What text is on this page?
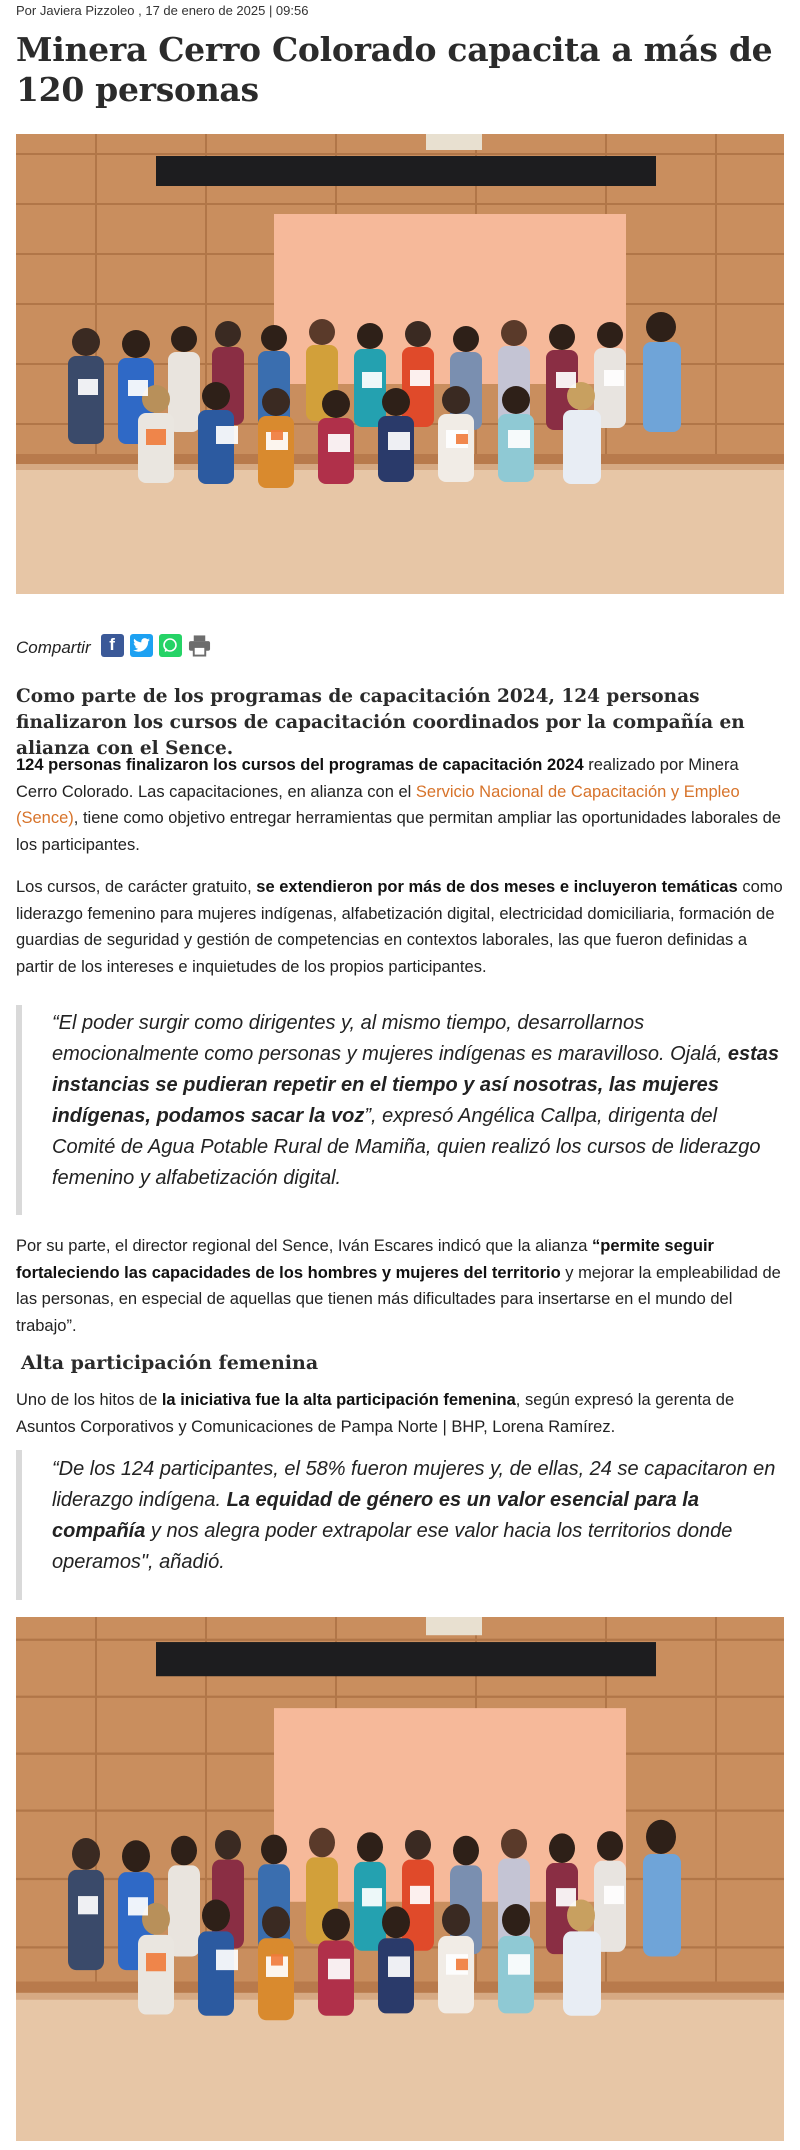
Por Javiera Pizzoleo , 17 de enero de 2025 | 09:56
Minera Cerro Colorado capacita a más de 120 personas
Compartir	f

Como parte de los programas de capacitación 2024, 124 personas finalizaron los cursos de capacitación coordinados por la compañía en alianza con el Sence.

124 personas finalizaron los cursos del programas de capacitación 2024 realizado por Minera Cerro Colorado. Las capacitaciones, en alianza con el Servicio Nacional de Capacitación y Empleo (Sence), tiene como objetivo entregar herramientas que permitan ampliar las oportunidades laborales de los participantes.

Los cursos, de carácter gratuito, se extendieron por más de dos meses e incluyeron temáticas como liderazgo femenino para mujeres indígenas, alfabetización digital, electricidad domiciliaria, formación de guardias de seguridad y gestión de competencias en contextos laborales, las que fueron definidas a partir de los intereses e inquietudes de los propios participantes.

“El poder surgir como dirigentes y, al mismo tiempo, desarrollarnos emocionalmente como personas y mujeres indígenas es maravilloso. Ojalá, estas instancias se pudieran repetir en el tiempo y así nosotras, las mujeres indígenas, podamos sacar la voz”, expresó Angélica Callpa, dirigenta del Comité de Agua Potable Rural de Mamiña, quien realizó los cursos de liderazgo femenino y alfabetización digital.

Por su parte, el director regional del Sence, Iván Escares indicó que la alianza “permite seguir fortaleciendo las capacidades de los hombres y mujeres del territorio y mejorar la empleabilidad de las personas, en especial de aquellas que tienen más dificultades para insertarse en el mundo del trabajo”.

Alta participación femenina

Uno de los hitos de la iniciativa fue la alta participación femenina, según expresó la gerenta de Asuntos Corporativos y Comunicaciones de Pampa Norte | BHP, Lorena Ramírez.

“De los 124 participantes, el 58% fueron mujeres y, de ellas, 24 se capacitaron en liderazgo indígena. La equidad de género es un valor esencial para la compañía y nos alegra poder extrapolar ese valor hacia los territorios donde operamos", añadió.
